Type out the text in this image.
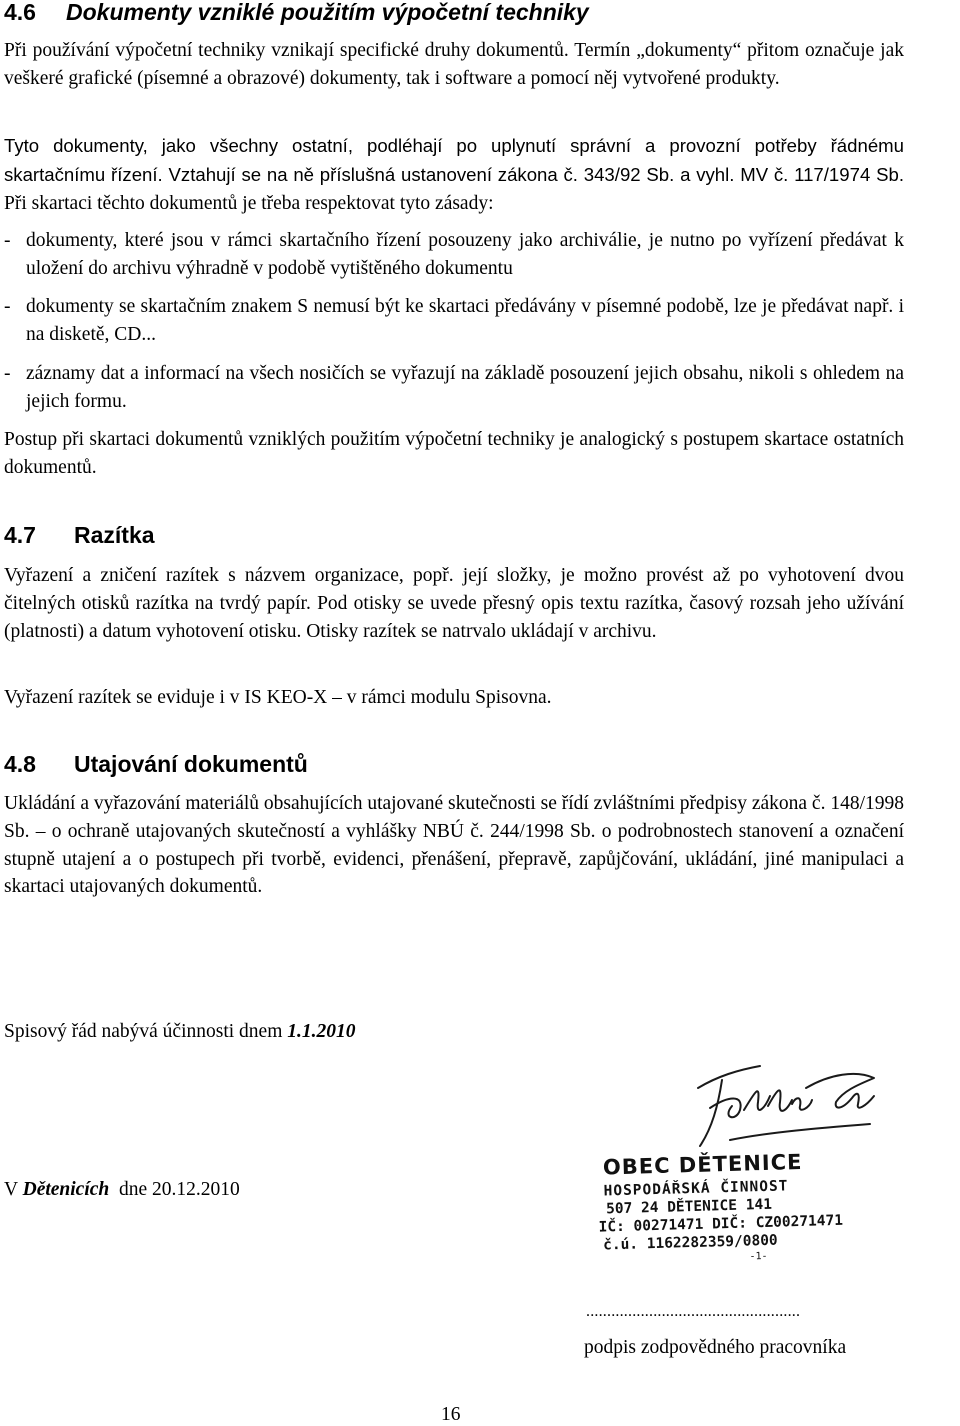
4.6 Dokumenty vzniklé použitím výpočetní techniky
Při používání výpočetní techniky vznikají specifické druhy dokumentů. Termín „dokumenty“ přitom označuje jak veškeré grafické (písemné a obrazové) dokumenty, tak i software a pomocí něj vytvořené produkty.
Tyto dokumenty, jako všechny ostatní, podléhají po uplynutí správní a provozní potřeby řádnému skartačnímu řízení. Vztahují se na ně příslušná ustanovení zákona č. 343/92 Sb. a vyhl. MV č. 117/1974 Sb. Při skartaci těchto dokumentů je třeba respektovat tyto zásady:
- dokumenty, které jsou v rámci skartačního řízení posouzeny jako archiválie, je nutno po vyřízení předávat k uložení do archivu výhradně v podobě vytištěného dokumentu
- dokumenty se skartačním znakem S nemusí být ke skartaci předávány v písemné podobě, lze je předávat např. i na disketě, CD...
- záznamy dat a informací na všech nosičích se vyřazují na základě posouzení jejich obsahu, nikoli s ohledem na jejich formu.
Postup při skartaci dokumentů vzniklých použitím výpočetní techniky je analogický s postupem skartace ostatních dokumentů.
4.7 Razítka
Vyřazení a zničení razítek s názvem organizace, popř. její složky, je možno provést až po vyhotovení dvou čitelných otisků razítka na tvrdý papír. Pod otisky se uvede přesný opis textu razítka, časový rozsah jeho užívání (platnosti) a datum vyhotovení otisku. Otisky razítek se natrvalo ukládají v archivu.
Vyřazení razítek se eviduje i v IS KEO-X – v rámci modulu Spisovna.
4.8 Utajování dokumentů
Ukládání a vyřazování materiálů obsahujících utajované skutečnosti se řídí zvláštními předpisy zákona č. 148/1998 Sb. – o ochraně utajovaných skutečností a vyhlášky NBÚ č. 244/1998 Sb. o podrobnostech stanovení a označení stupně utajení a o postupech při tvorbě, evidenci, přenášení, přepravě, zapůjčování, ukládání, jiné manipulaci a skartaci utajovaných dokumentů.
Spisový řád nabývá účinnosti dnem 1.1.2010
V Dětenicích  dne 20.12.2010
OBEC DĚTENICE
HOSPODÁŘSKÁ ČINNOST
507 24 DĚTENICE 141
IČ: 00271471 DIČ: CZ00271471
č.ú. 1162282359/0800
-1-
...................................................
podpis zodpovědného pracovníka
16
